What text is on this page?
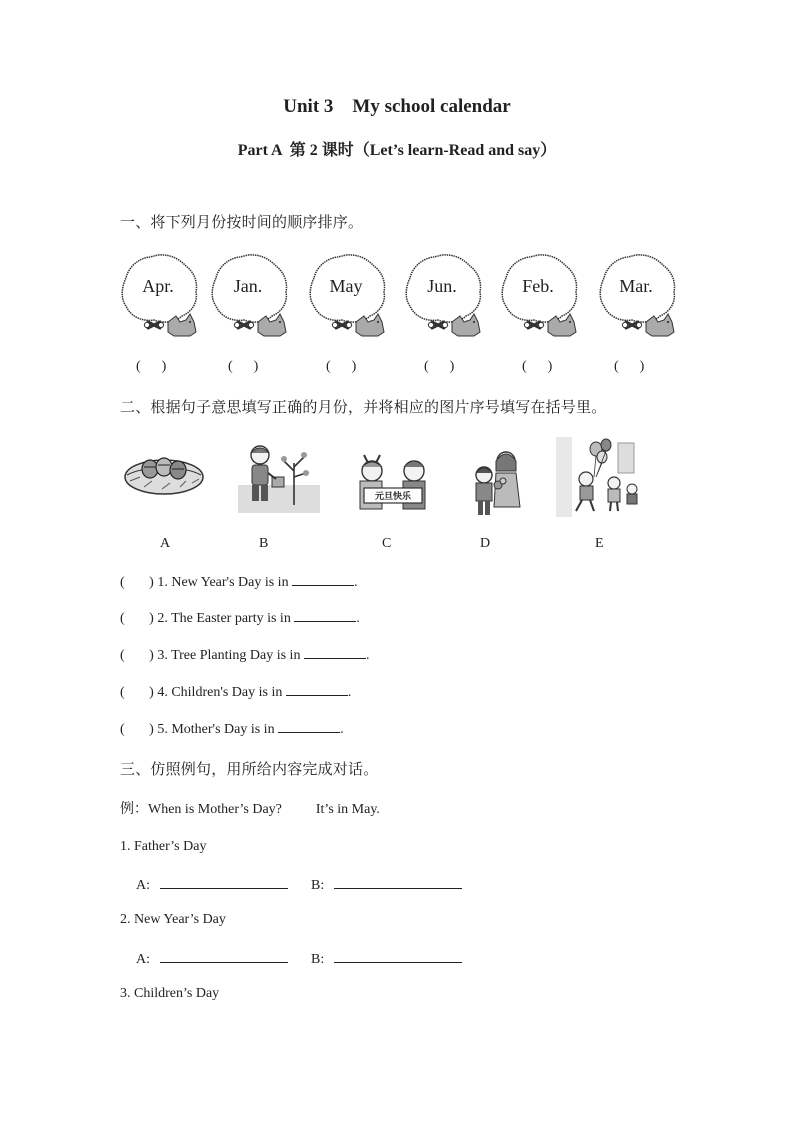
Unit 3    My school calendar
Part A  第 2 课时（Let’s learn-Read and say）
一、将下列月份按时间的顺序排序。
Apr.	Jan.	May	Jun.	Feb.	Mar.
二、根据句子意思填写正确的月份，并将相应的图片序号填写在括号里。
元旦快乐
A	B	C	D	E
(       ) 1. New Year's Day is in	.
(       ) 2. The Easter party is in	.
(       ) 3. Tree Planting Day is in	.
(       ) 4. Children's Day is in	.
(       ) 5. Mother's Day is in	.
三、仿照例句，用所给内容完成对话。
例：When is Mother’s Day? It’s in May.
1. Father’s Day
A:	B:
2. New Year’s Day
A:	B:
3. Children’s Day
(      )	(      )	(      )	(      )	(      )	(      )
